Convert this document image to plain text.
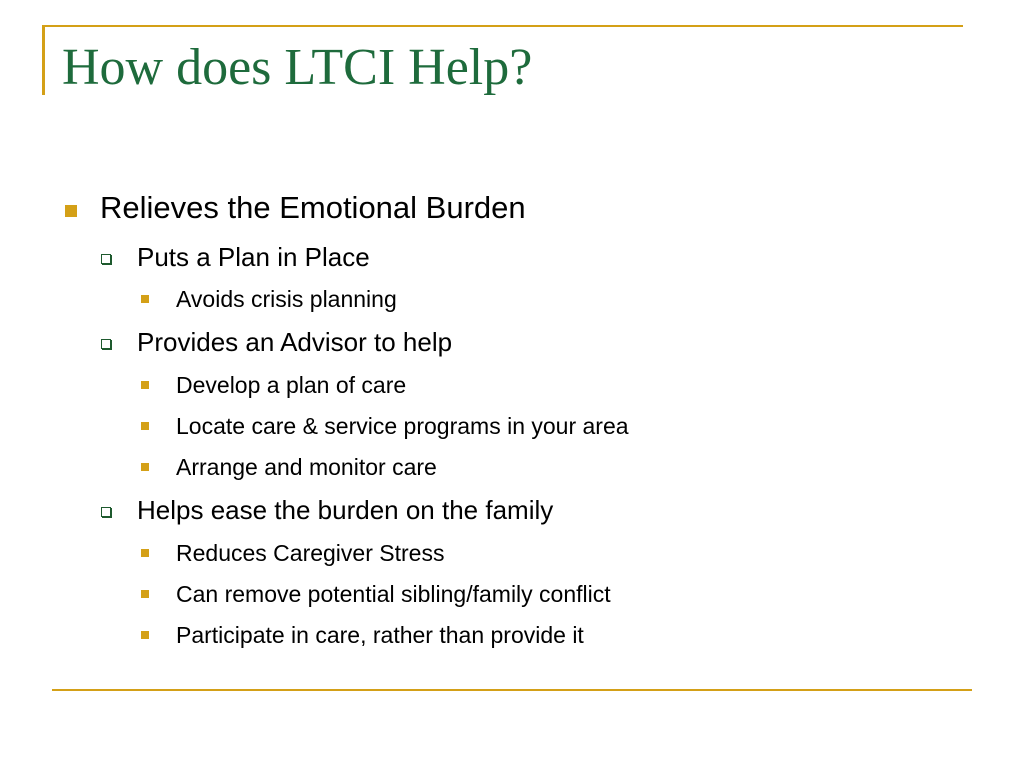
How does LTCI Help?
Relieves the Emotional Burden
Puts a Plan in Place
Avoids crisis planning
Provides an Advisor to help
Develop a plan of care
Locate care & service programs in your area
Arrange and monitor care
Helps ease the burden on the family
Reduces Caregiver Stress
Can remove potential sibling/family conflict
Participate in care, rather than provide it
